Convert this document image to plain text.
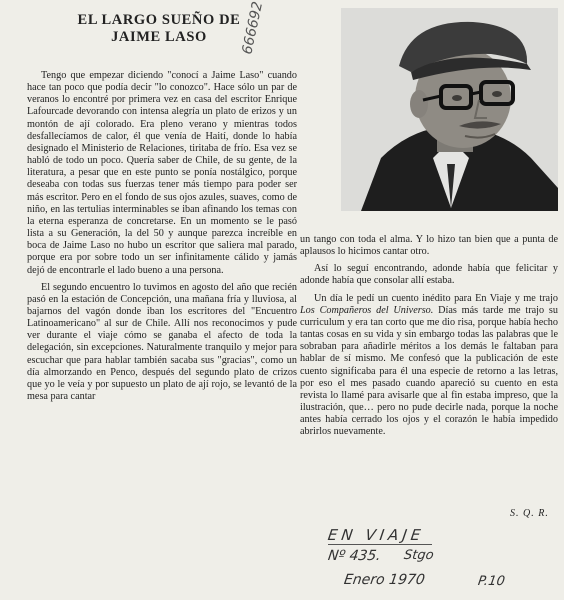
EL LARGO SUEÑO DE
JAIME LASO	666692

Tengo que empezar diciendo "conocí a Jaime Laso" cuando hace tan poco que podía decir "lo conozco". Hace sólo un par de veranos lo encontré por primera vez en casa del escritor Enrique Lafourcade devorando con intensa alegría un plato de erizos y un montón de ají colorado. Era pleno verano y mientras todos desfallecíamos de calor, él que venía de Haití, donde lo había designado el Ministerio de Relaciones, tiritaba de frío. Esa vez se habló de todo un poco. Quería saber de Chile, de su gente, de la literatura, a pesar que en este punto se ponía nostálgico, porque deseaba con todas sus fuerzas tener más tiempo para poder ser más escritor. Pero en el fondo de sus ojos azules, suaves, como de niño, en las tertulias interminables se iban afinando los temas con la eterna esperanza de concretarse. En un momento se le pasó lista a su Generación, la del 50 y aunque parezca increíble en boca de Jaime Laso no hubo un escritor que saliera mal parado, porque era por sobre todo un ser infinitamente cálido y jamás dejó de encontrarle el lado bueno a una persona.

El segundo encuentro lo tuvimos en agosto del año que recién pasó en la estación de Concepción, una mañana fría y lluviosa, al bajarnos del vagón donde iban los escritores del "Encuentro Latinoamericano" al sur de Chile. Allí nos reconocimos y pude ver durante el viaje cómo se ganaba el afecto de toda la delegación, sin excepciones. Naturalmente tranquilo y mejor para escuchar que para hablar también sacaba sus "gracias", como un día almorzando en Penco, después del segundo plato de crizos que yo le veía y por supuesto un plato de ají rojo, se levantó de la mesa para cantar

un tango con toda el alma. Y lo hizo tan bien que a punta de aplausos lo hicimos cantar otro.

Así lo seguí encontrando, adonde había que felicitar y adonde había que consolar allí estaba.

Un día le pedí un cuento inédito para En Viaje y me trajo Los Compañeros del Universo. Días más tarde me trajo su curriculum y era tan corto que me dio risa, porque había hecho tantas cosas en su vida y sin embargo todas las palabras que le sobraban para añadirle méritos a los demás le faltaban para hablar de sí mismo. Me confesó que la publicación de este cuento significaba para él una especie de retorno a las letras, por eso el mes pasado cuando apareció su cuento en esta revista lo llamé para avisarle que al fin estaba impreso, que la ilustración, que… pero no pude decirle nada, porque la noche antes había cerrado los ojos y el corazón le había impedido abrirlos nuevamente.

S. Q. R.
EN VIAJE
Nº 435. Stgo
Enero 1970	P.10
